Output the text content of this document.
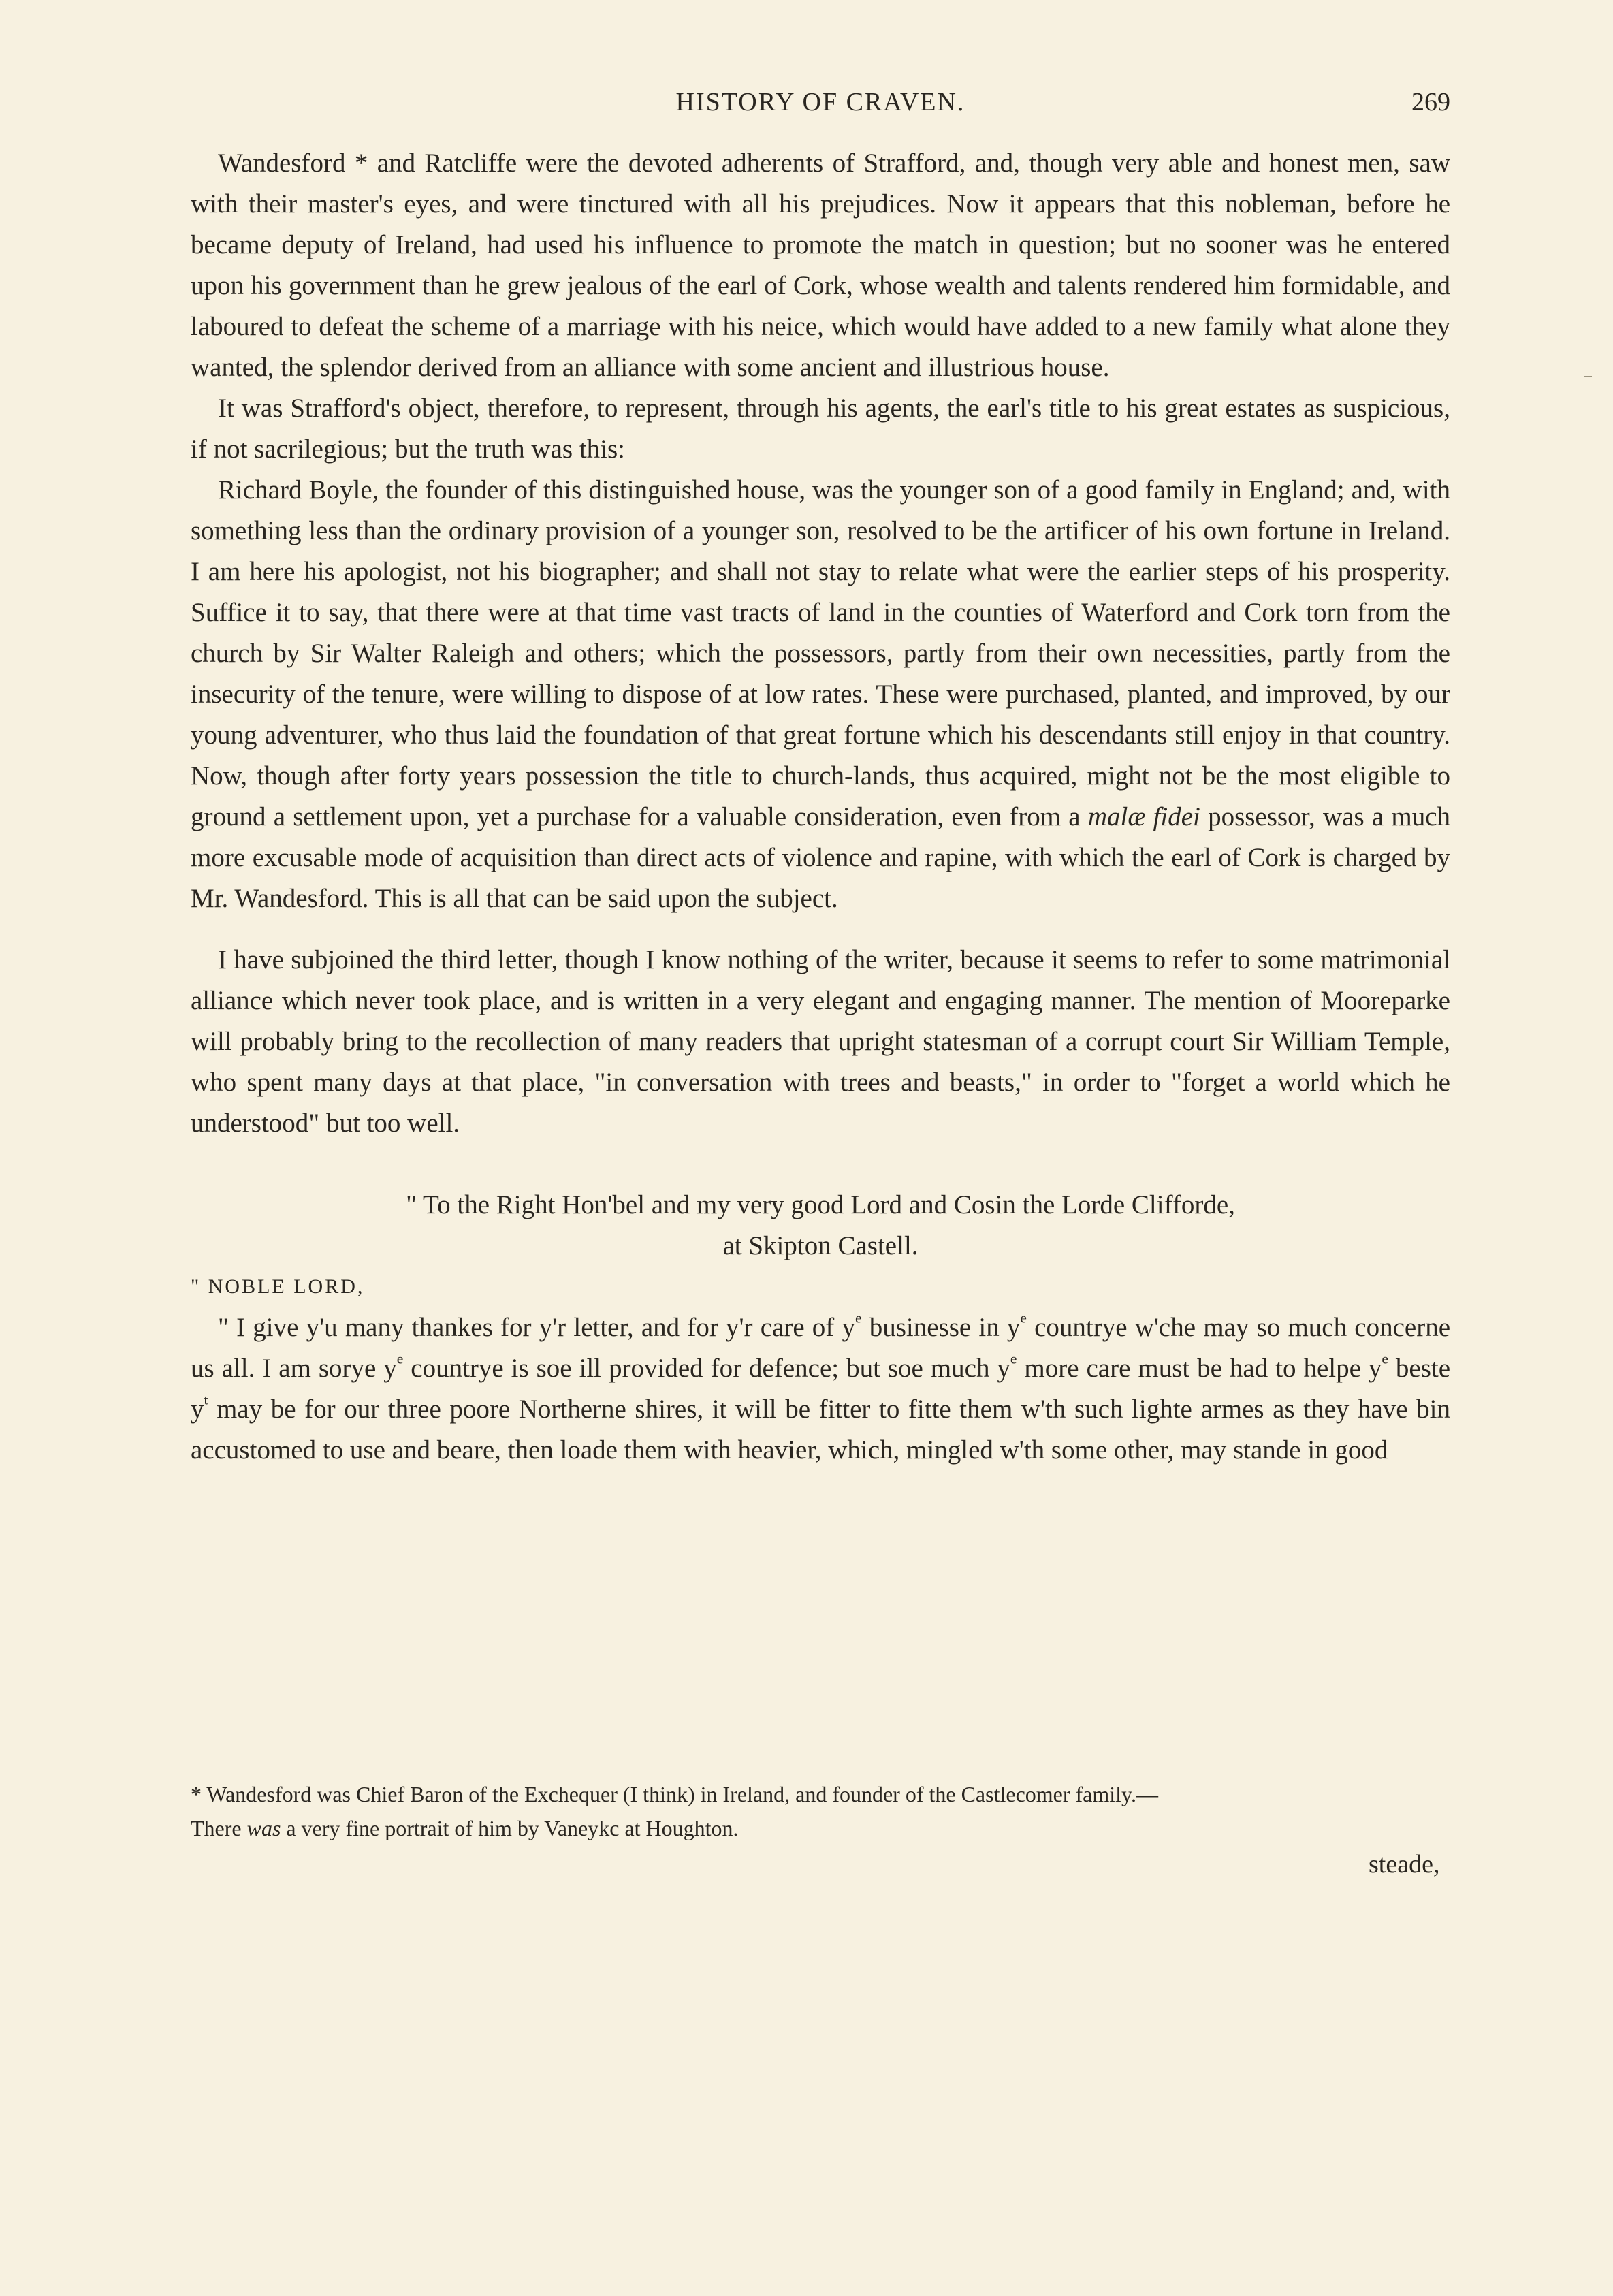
HISTORY OF CRAVEN.	269

Wandesford * and Ratcliffe were the devoted adherents of Strafford, and, though very able and honest men, saw with their master's eyes, and were tinctured with all his prejudices. Now it appears that this nobleman, before he became deputy of Ireland, had used his influence to promote the match in question; but no sooner was he entered upon his government than he grew jealous of the earl of Cork, whose wealth and talents rendered him formidable, and laboured to defeat the scheme of a marriage with his neice, which would have added to a new family what alone they wanted, the splendor derived from an alliance with some ancient and illustrious house.

It was Strafford's object, therefore, to represent, through his agents, the earl's title to his great estates as suspicious, if not sacrilegious; but the truth was this:

Richard Boyle, the founder of this distinguished house, was the younger son of a good family in England; and, with something less than the ordinary provision of a younger son, resolved to be the artificer of his own fortune in Ireland. I am here his apologist, not his biographer; and shall not stay to relate what were the earlier steps of his prosperity. Suffice it to say, that there were at that time vast tracts of land in the counties of Waterford and Cork torn from the church by Sir Walter Raleigh and others; which the possessors, partly from their own necessities, partly from the insecurity of the tenure, were willing to dispose of at low rates. These were purchased, planted, and improved, by our young adventurer, who thus laid the foundation of that great fortune which his descendants still enjoy in that country. Now, though after forty years possession the title to church-lands, thus acquired, might not be the most eligible to ground a settlement upon, yet a purchase for a valuable consideration, even from a malæ fidei possessor, was a much more excusable mode of acquisition than direct acts of violence and rapine, with which the earl of Cork is charged by Mr. Wandesford. This is all that can be said upon the subject.

I have subjoined the third letter, though I know nothing of the writer, because it seems to refer to some matrimonial alliance which never took place, and is written in a very elegant and engaging manner. The mention of Mooreparke will probably bring to the recollection of many readers that upright statesman of a corrupt court Sir William Temple, who spent many days at that place, "in conversation with trees and beasts," in order to "forget a world which he understood" but too well.

" To the Right Hon'bel and my very good Lord and Cosin the Lorde Clifforde,

at Skipton Castell.

" NOBLE LORD,

" I give y'u many thankes for y'r letter, and for y'r care of $y^e$ businesse in $y^e$ countrye w'che may so much concerne us all. I am sorye $y^e$ countrye is soe ill provided for defence; but soe much $y^e$ more care must be had to helpe $y^e$ beste $y^t$ may be for our three poore Northerne shires, it will be fitter to fitte them w'th such lighte armes as they have bin accustomed to use and beare, then loade them with heavier, which, mingled w'th some other, may stande in good

* Wandesford was Chief Baron of the Exchequer (I think) in Ireland, and founder of the Castlecomer family.—
There was a very fine portrait of him by Vaneykc at Houghton.
steade,
